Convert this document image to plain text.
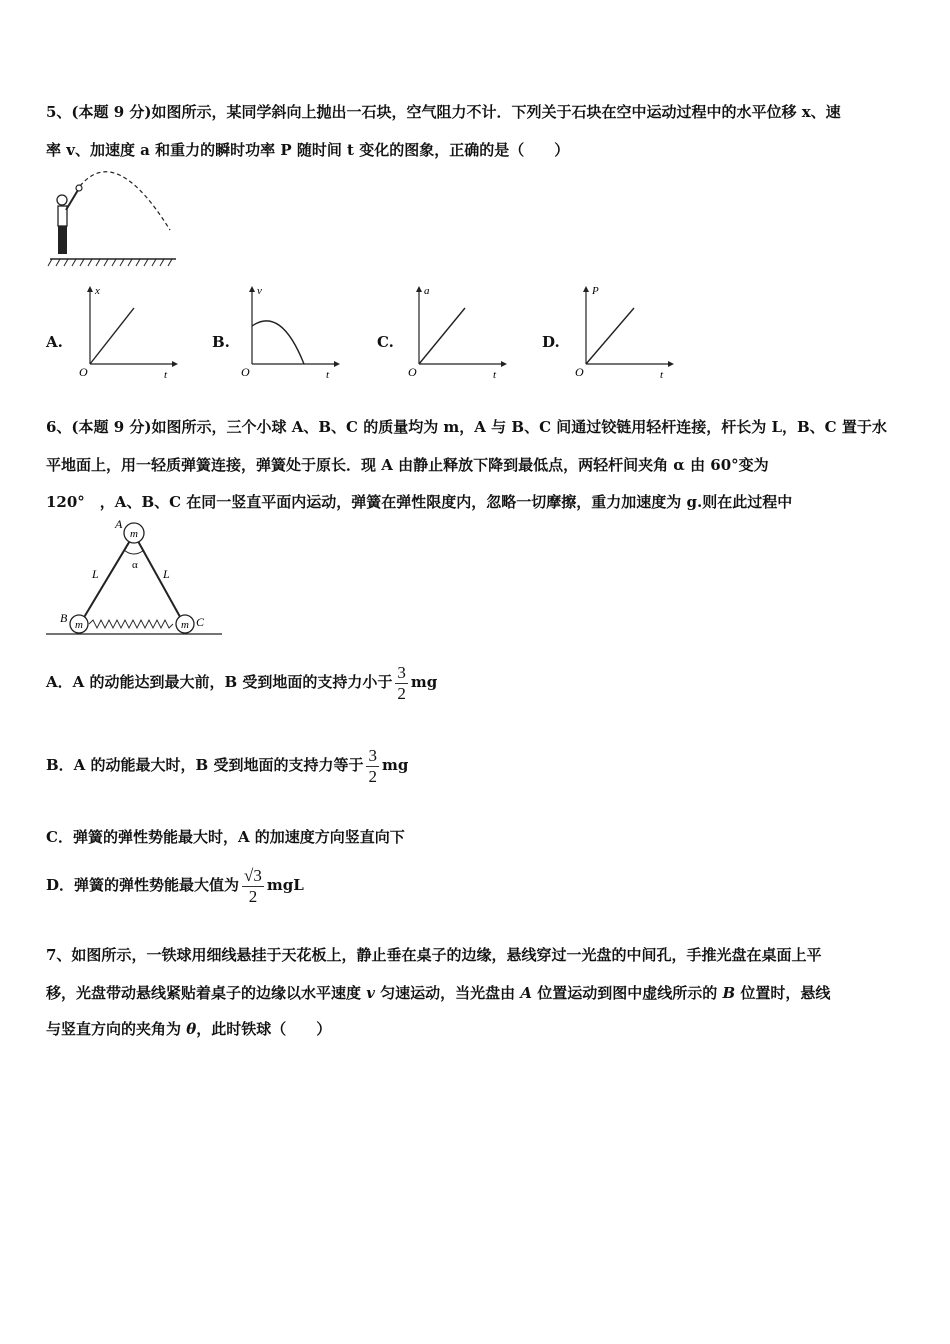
5、(本题 9 分)如图所示，某同学斜向上抛出一石块，空气阻力不计．下列关于石块在空中运动过程中的水平位移 x、速
率 v、加速度 a 和重力的瞬时功率 P 随时间 t 变化的图象，正确的是（　　）
A.
x
O	t
B.
v
O	t
C.
a
O	t
D.
P
O	t
6、(本题 9 分)如图所示，三个小球 A、B、C 的质量均为 m，A 与 B、C 间通过铰链用轻杆连接，杆长为 L，B、C 置于水
平地面上，用一轻质弹簧连接，弹簧处于原长．现 A 由静止释放下降到最低点，两轻杆间夹角 α 由 60°变为
120°　，A、B、C 在同一竖直平面内运动，弹簧在弹性限度内，忽略一切摩擦，重力加速度为 g.则在此过程中
m
m	m
A
B	C
L	L
α
A．A 的动能达到最大前，B 受到地面的支持力小于 $\frac{3}{2}$ mg
B．A 的动能最大时，B 受到地面的支持力等于 $\frac{3}{2}$ mg
C．弹簧的弹性势能最大时，A 的加速度方向竖直向下
D．弹簧的弹性势能最大值为 $\frac{√3}{2}$ mgL
7、如图所示，一铁球用细线悬挂于天花板上，静止垂在桌子的边缘，悬线穿过一光盘的中间孔，手推光盘在桌面上平
移，光盘带动悬线紧贴着桌子的边缘以水平速度 v 匀速运动，当光盘由 A 位置运动到图中虚线所示的 B 位置时，悬线
与竖直方向的夹角为 θ，此时铁球（　　）
